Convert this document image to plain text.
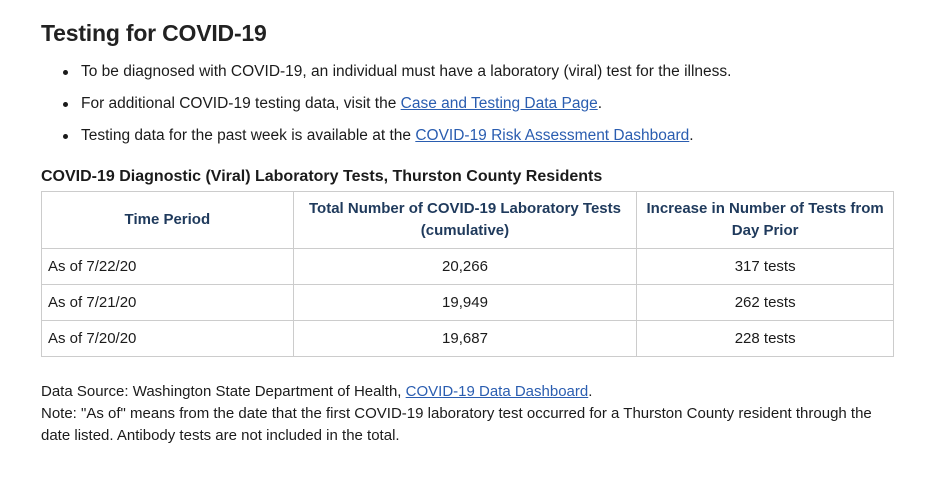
Testing for COVID-19
To be diagnosed with COVID-19, an individual must have a laboratory (viral) test for the illness.
For additional COVID-19 testing data, visit the Case and Testing Data Page.
Testing data for the past week is available at the COVID-19 Risk Assessment Dashboard.
COVID-19 Diagnostic (Viral) Laboratory Tests, Thurston County Residents
Time Period	Total Number of COVID-19 Laboratory Tests (cumulative)	Increase in Number of Tests from Day Prior
As of 7/22/20	20,266	317 tests
As of 7/21/20	19,949	262 tests
As of 7/20/20	19,687	228 tests

Data Source: Washington State Department of Health, COVID-19 Data Dashboard.

Note: "As of" means from the date that the first COVID-19 laboratory test occurred for a Thurston County resident through the date listed. Antibody tests are not included in the total.
